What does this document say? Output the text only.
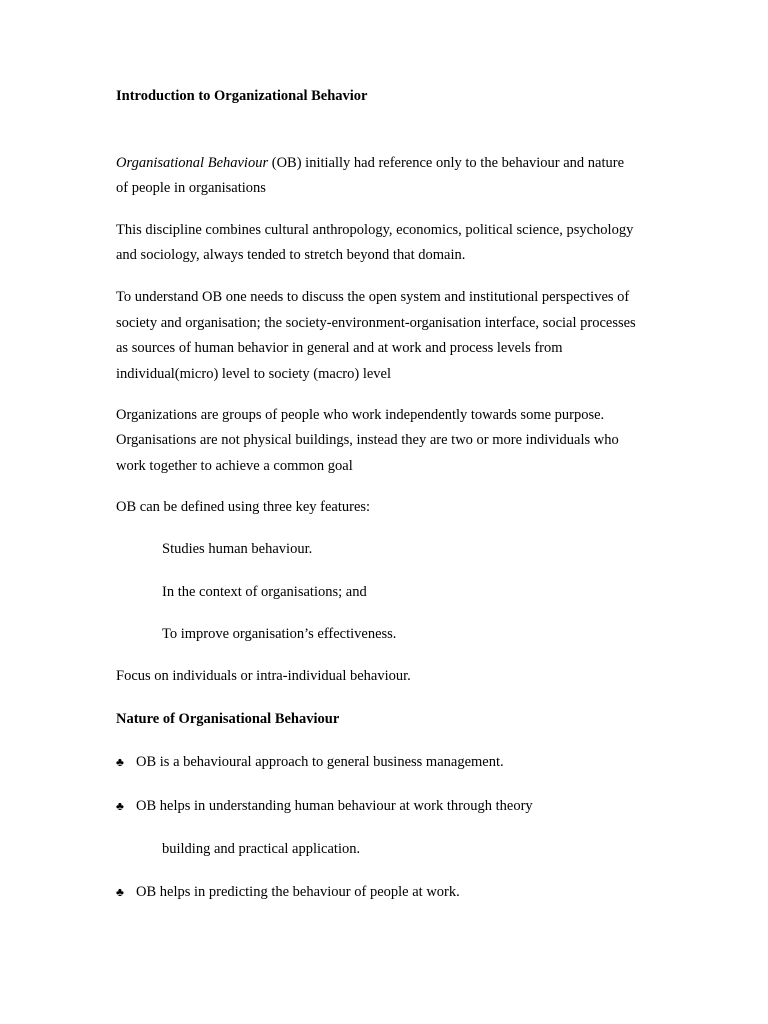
Introduction to Organizational Behavior
Organisational Behaviour (OB) initially had reference only to the behaviour and nature
of people in organisations
This discipline combines cultural anthropology, economics, political science, psychology
and sociology, always tended to stretch beyond that domain.
To understand OB one needs to discuss the open system and institutional perspectives of
society and organisation; the society-environment-organisation interface, social processes
as sources of human behavior in general and at work and process levels from
individual(micro) level to society (macro) level
Organizations are groups of people who work independently towards some purpose.
Organisations are not physical buildings, instead they are two or more individuals who
work together to achieve a common goal
OB can be defined using three key features:
Studies human behaviour.
In the context of organisations; and
To improve organisation’s effectiveness.
Focus on individuals or intra-individual behaviour.
Nature of Organisational Behaviour
♣ OB is a behavioural approach to general business management.
♣ OB helps in understanding human behaviour at work through theory
building and practical application.
♣ OB helps in predicting the behaviour of people at work.
